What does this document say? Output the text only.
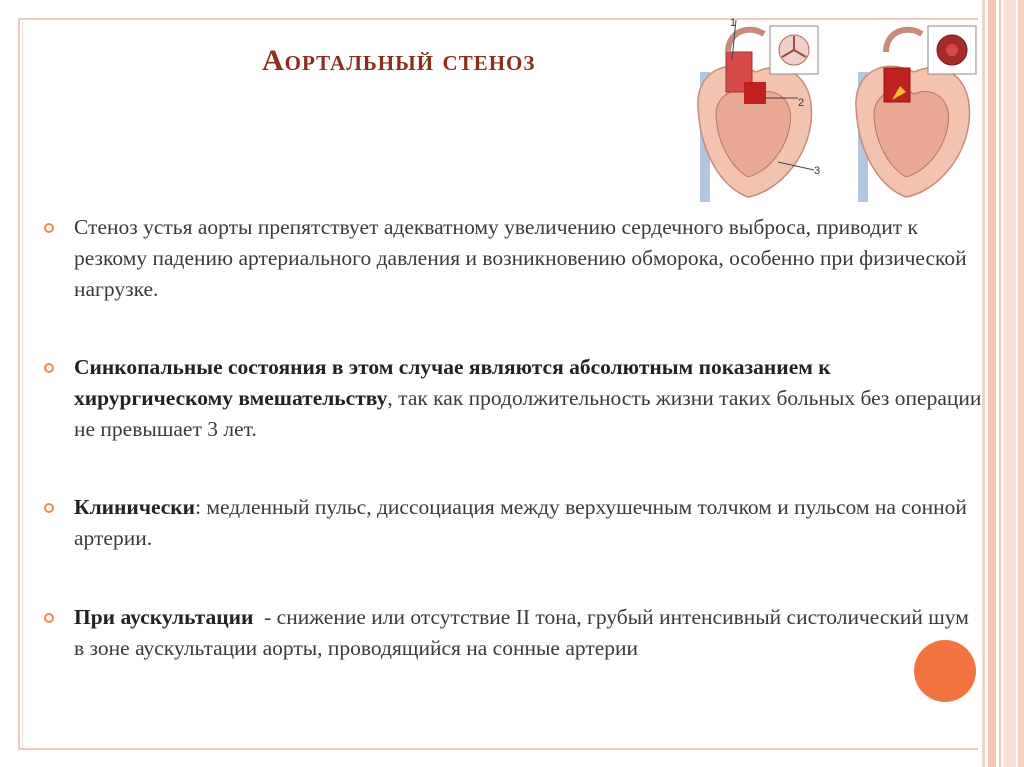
Аортальный стеноз
1
2
3
Стеноз устья аорты препятствует адекватному увеличению сердечного выброса, приводит к резкому падению артериального давления и возникновению обморока, особенно при физической нагрузке.
Синкопальные состояния в этом случае являются абсолютным показанием к хирургическому вмешательству, так как продолжительность жизни таких больных без операции не превышает 3 лет.
Клинически: медленный пульс, диссоциация между верхушечным толчком и пульсом на сонной артерии.
При аускультации  - снижение или отсутствие II тона, грубый интенсивный систолический шум в зоне аускультации аорты, проводящийся на сонные артерии
